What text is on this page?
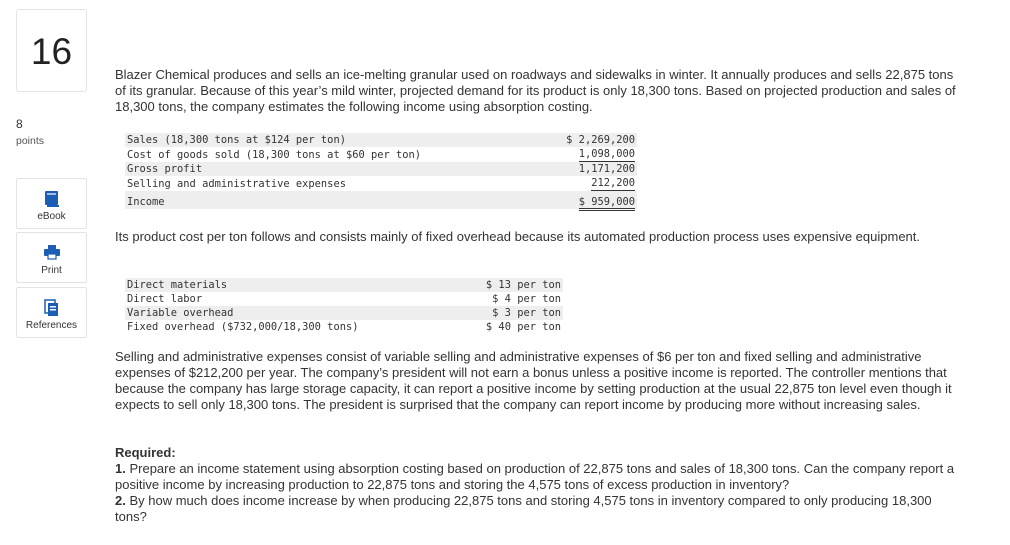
16
8
points
eBook
Print
References
Blazer Chemical produces and sells an ice-melting granular used on roadways and sidewalks in winter. It annually produces and sells 22,875 tons of its granular. Because of this year’s mild winter, projected demand for its product is only 18,300 tons. Based on projected production and sales of 18,300 tons, the company estimates the following income using absorption costing.
Sales (18,300 tons at $124 per ton)	$ 2,269,200
Cost of goods sold (18,300 tons at $60 per ton)	1,098,000
Gross profit	1,171,200
Selling and administrative expenses	212,200
Income	$ 959,000
Its product cost per ton follows and consists mainly of fixed overhead because its automated production process uses expensive equipment.
Direct materials	$ 13 per ton
Direct labor	$ 4 per ton
Variable overhead	$ 3 per ton
Fixed overhead ($732,000/18,300 tons)	$ 40 per ton
Selling and administrative expenses consist of variable selling and administrative expenses of $6 per ton and fixed selling and administrative expenses of $212,200 per year. The company’s president will not earn a bonus unless a positive income is reported. The controller mentions that because the company has large storage capacity, it can report a positive income by setting production at the usual 22,875 ton level even though it expects to sell only 18,300 tons. The president is surprised that the company can report income by producing more without increasing sales.
Required:
1. Prepare an income statement using absorption costing based on production of 22,875 tons and sales of 18,300 tons. Can the company report a positive income by increasing production to 22,875 tons and storing the 4,575 tons of excess production in inventory?
2. By how much does income increase by when producing 22,875 tons and storing 4,575 tons in inventory compared to only producing 18,300 tons?
